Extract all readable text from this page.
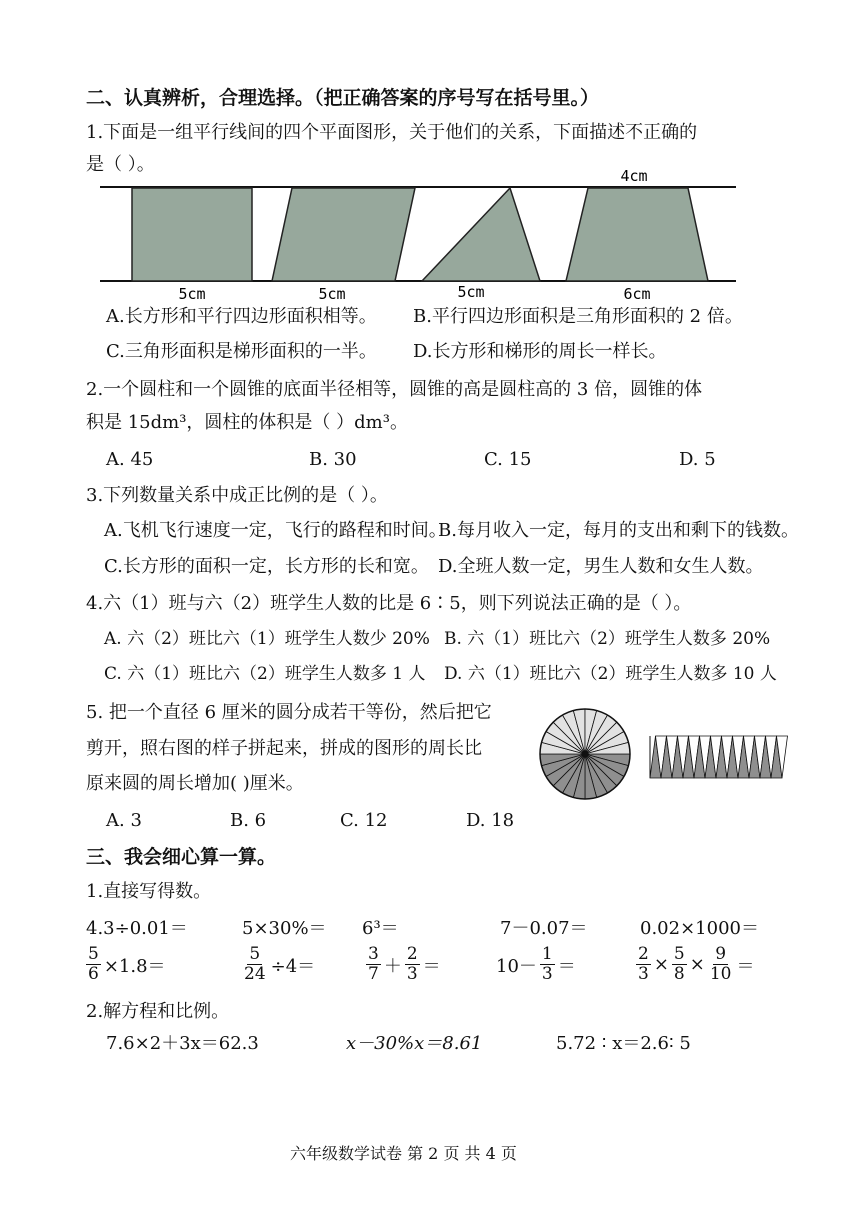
二、认真辨析，合理选择。（把正确答案的序号写在括号里。）
1.下面是一组平行线间的四个平面图形，关于他们的关系，下面描述不正确的
是（ ）。
5cm	5cm	5cm	6cm
4cm
A.长方形和平行四边形面积相等。 B.平行四边形面积是三角形面积的 2 倍。
C.三角形面积是梯形面积的一半。 D.长方形和梯形的周长一样长。
2.一个圆柱和一个圆锥的底面半径相等，圆锥的高是圆柱高的 3 倍，圆锥的体
积是 15dm³，圆柱的体积是（ ）dm³。
A. 45	B. 30	C. 15	D. 5
3.下列数量关系中成正比例的是（ ）。
A.飞机飞行速度一定，飞行的路程和时间。
B.每月收入一定，每月的支出和剩下的钱数。
C.长方形的面积一定，长方形的长和宽。 D.全班人数一定，男生人数和女生人数。
4.六（1）班与六（2）班学生人数的比是 6∶5，则下列说法正确的是（ ）。
A. 六（2）班比六（1）班学生人数少 20% B. 六（1）班比六（2）班学生人数多 20%
C. 六（1）班比六（2）班学生人数多 1 人 D. 六（1）班比六（2）班学生人数多 10 人
5. 把一个直径 6 厘米的圆分成若干等份，然后把它
剪开，照右图的样子拼起来，拼成的图形的周长比
原来圆的周长增加( )厘米。
A. 3	B. 6	C. 12	D. 18
三、我会细心算一算。
1.直接写得数。
4.3÷0.01＝	5×30%＝ 6³＝	7－0.07＝	0.02×1000＝
$\frac{5}{6} \times 1.8=$	$\frac{5}{24} \div 4=$	$\frac{3}{7} + \frac{2}{3}$ ＝	$10- \frac{1}{3}$ ＝	$\frac{2}{3} \times \frac{5}{8} \times \frac{9}{10}$ ＝
2.解方程和比例。
7.6×2＋3x＝62.3	x－30%x＝8.61	5.72 ∶ x＝2.6∶ 5
六年级数学试卷 第 2 页 共 4 页
